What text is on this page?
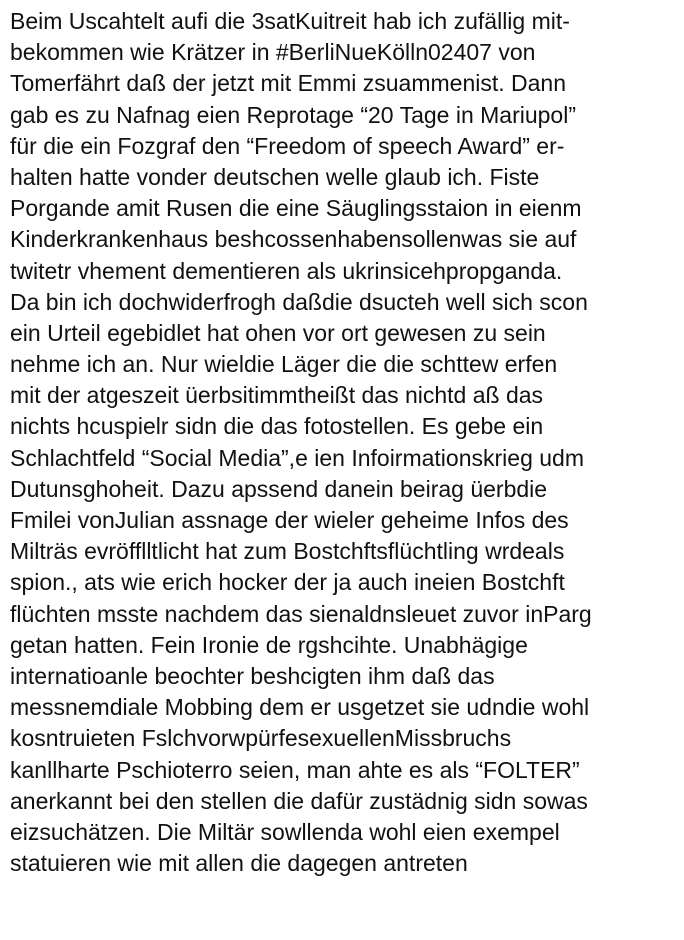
Beim Uscahtelt aufi die 3satKuitreit hab ich zufällig mit-
bekommen wie Krätzer in #BerliNueKölln02407 von
Tomerfährt daß der jetzt mit Emmi zsuammenist. Dann
gab es zu Nafnag eien Reprotage “20 Tage in Mariupol”
für die ein Fozgraf den “Freedom of speech Award” er-
halten hatte vonder deutschen welle glaub ich. Fiste
Porgande amit Rusen die eine Säuglingsstaion in eienm
Kinderkrankenhaus beshcossenhabensollenwas sie auf
twitetr vhement dementieren als ukrinsicehpropganda.
Da bin ich dochwiderfrogh daßdie dsucteh well sich scon
ein Urteil egebidlet hat ohen vor ort gewesen zu sein
nehme ich an. Nur wieldie Läger die die schttew erfen
mit der atgeszeit üerbsitimmtheißt das nichtd aß das
nichts hcuspielr sidn die das fotostellen. Es gebe ein
Schlachtfeld “Social Media”,e ien Infoirmationskrieg udm
Dutunsghoheit. Dazu apssend danein beirag üerbdie
Fmilei vonJulian assnage der wieler geheime Infos des
Milträs evröfflltlicht hat zum Bostchftsflüchtling wrdeals
spion., ats wie erich hocker der ja auch ineien Bostchft
flüchten msste nachdem das sienaldnsleuet zuvor inParg
getan hatten. Fein Ironie de rgshcihte. Unabhägige
internatioanle beochter beshcigten ihm daß das
messnemdiale Mobbing dem er usgetzet sie udndie wohl
kosntruieten FslchvorwpürfesexuellenMissbruchs
kanllharte Pschioterro seien, man ahte es als “FOLTER”
anerkannt bei den stellen die dafür zustädnig sidn sowas
eizsuchätzen. Die Miltär sowllenda wohl eien exempel
statuieren wie mit allen die dagegen antreten
